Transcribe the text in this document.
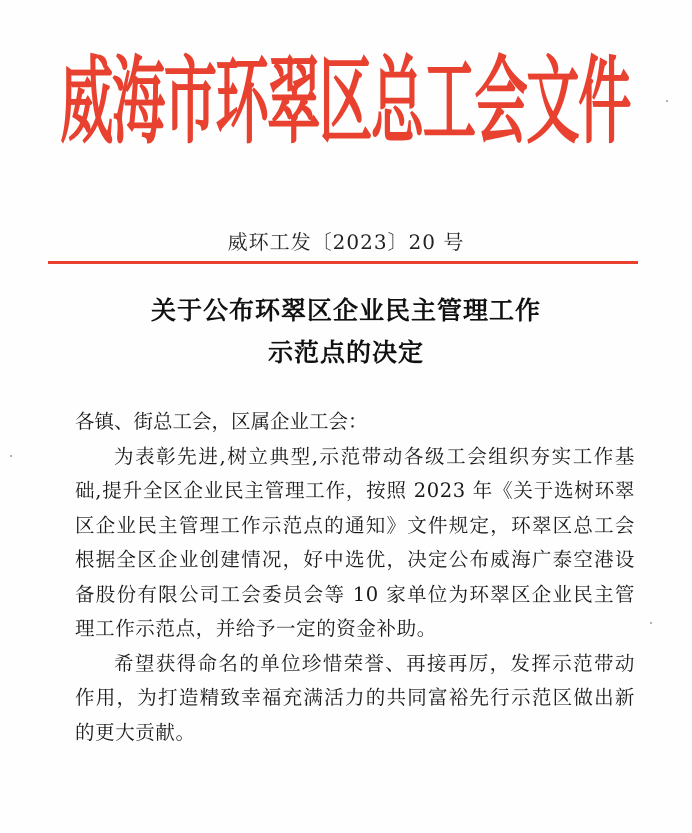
威海市环翠区总工会文件
威环工发〔2023〕20 号
关于公布环翠区企业民主管理工作
示范点的决定

各镇、街总工会，区属企业工会：

为表彰先进,树立典型,示范带动各级工会组织夯实工作基础,提升全区企业民主管理工作，按照 2023 年《关于选树环翠区企业民主管理工作示范点的通知》文件规定，环翠区总工会根据全区企业创建情况，好中选优，决定公布威海广泰空港设备股份有限公司工会委员会等 10 家单位为环翠区企业民主管理工作示范点，并给予一定的资金补助。

希望获得命名的单位珍惜荣誉、再接再厉，发挥示范带动作用，为打造精致幸福充满活力的共同富裕先行示范区做出新的更大贡献。
